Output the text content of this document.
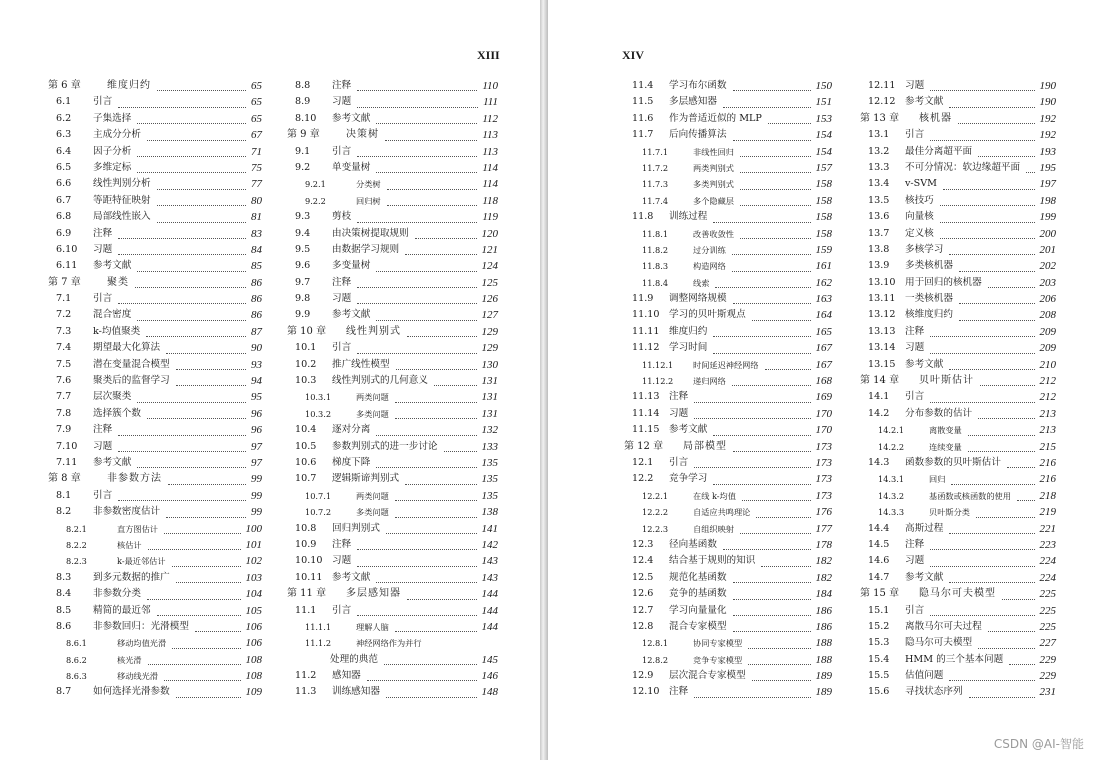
XIII
第 6 章	维度归约	65
6.1 引言	65
6.2 子集选择	65
6.3 主成分分析	67
6.4 因子分析	71
6.5 多维定标	75
6.6 线性判别分析	77
6.7 等距特征映射	80
6.8 局部线性嵌入	81
6.9 注释	83
6.10 习题	84
6.11 参考文献	85
第 7 章	聚类	86
7.1 引言	86
7.2 混合密度	86
7.3 k-均值聚类	87
7.4 期望最大化算法	90
7.5 潜在变量混合模型	93
7.6 聚类后的监督学习	94
7.7 层次聚类	95
7.8 选择簇个数	96
7.9 注释	96
7.10 习题	97
7.11 参考文献	97
第 8 章	非参数方法	99
8.1 引言	99
8.2 非参数密度估计	99
8.2.1	直方图估计	100
8.2.2	核估计	101
8.2.3	k-最近邻估计	102
8.3 到多元数据的推广	103
8.4 非参数分类	104
8.5 精简的最近邻	105
8.6 非参数回归：光滑模型	106
8.6.1	移动均值光滑	106
8.6.2	核光滑	108
8.6.3	移动线光滑	108
8.7 如何选择光滑参数	109
8.8 注释	110
8.9 习题	111
8.10 参考文献	112
第 9 章	决策树	113
9.1 引言	113
9.2 单变量树	114
9.2.1	分类树	114
9.2.2	回归树	118
9.3 剪枝	119
9.4 由决策树提取规则	120
9.5 由数据学习规则	121
9.6 多变量树	124
9.7 注释	125
9.8 习题	126
9.9 参考文献	127
第 10 章 线性判别式	129
10.1 引言	129
10.2 推广线性模型	130
10.3 线性判别式的几何意义	131
10.3.1	两类问题	131
10.3.2	多类问题	131
10.4 逐对分离	132
10.5 参数判别式的进一步讨论	133
10.6 梯度下降	135
10.7 逻辑斯谛判别式	135
10.7.1	两类问题	135
10.7.2	多类问题	138
10.8 回归判别式	141
10.9 注释	142
10.10 习题	143
10.11 参考文献	143
第 11 章 多层感知器	144
11.1 引言	144
11.1.1	理解人脑	144
11.1.2	神经网络作为并行
处理的典范	145
11.2 感知器	146
11.3 训练感知器	148
XIV
11.4 学习布尔函数	150
11.5 多层感知器	151
11.6 作为普适近似的 MLP	153
11.7 后向传播算法	154
11.7.1	非线性回归	154
11.7.2	两类判别式	157
11.7.3	多类判别式	158
11.7.4	多个隐藏层	158
11.8 训练过程	158
11.8.1	改善收敛性	158
11.8.2	过分训练	159
11.8.3	构造网络	161
11.8.4	线索	162
11.9 调整网络规模	163
11.10 学习的贝叶斯观点	164
11.11 维度归约	165
11.12 学习时间	167
11.12.1 时间延迟神经网络	167
11.12.2 递归网络	168
11.13 注释	169
11.14 习题	170
11.15 参考文献	170
第 12 章 局部模型	173
12.1 引言	173
12.2 竞争学习	173
12.2.1	在线 k-均值	173
12.2.2	自适应共鸣理论	176
12.2.3	自组织映射	177
12.3 径向基函数	178
12.4 结合基于规则的知识	182
12.5 规范化基函数	182
12.6 竞争的基函数	184
12.7 学习向量量化	186
12.8 混合专家模型	186
12.8.1	协同专家模型	188
12.8.2	竞争专家模型	188
12.9 层次混合专家模型	189
12.10 注释	189
12.11 习题	190
12.12 参考文献	190
第 13 章 核机器	192
13.1 引言	192
13.2 最佳分离超平面	193
13.3 不可分情况：软边缘超平面 195
13.4 v-SVM	197
13.5 核技巧	198
13.6 向量核	199
13.7 定义核	200
13.8 多核学习	201
13.9 多类核机器	202
13.10 用于回归的核机器	203
13.11 一类核机器	206
13.12 核维度归约	208
13.13 注释	209
13.14 习题	209
13.15 参考文献	210
第 14 章 贝叶斯估计	212
14.1 引言	212
14.2 分布参数的估计	213
14.2.1	离散变量	213
14.2.2	连续变量	215
14.3 函数参数的贝叶斯估计	216
14.3.1	回归	216
14.3.2	基函数或核函数的使用	218
14.3.3	贝叶斯分类	219
14.4 高斯过程	221
14.5 注释	223
14.6 习题	224
14.7 参考文献	224
第 15 章 隐马尔可夫模型	225
15.1 引言	225
15.2 离散马尔可夫过程	225
15.3 隐马尔可夫模型	227
15.4 HMM 的三个基本问题	229
15.5 估值问题	229
15.6 寻找状态序列	231
CSDN @AI-智能
